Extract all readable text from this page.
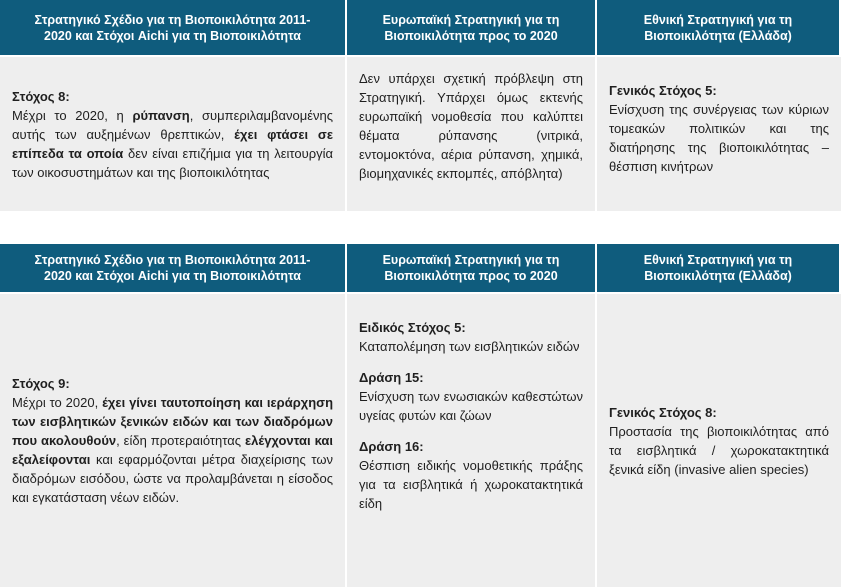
Στρατηγικό Σχέδιο για τη Βιοποικιλότητα 2011-2020 και Στόχοι Aichi για τη Βιοποικιλότητα
Ευρωπαϊκή Στρατηγική για τη Βιοποικιλότητα προς το 2020
Εθνική Στρατηγική για τη Βιοποικιλότητα (Ελλάδα)
Στόχος 8:
Μέχρι το 2020, η ρύπανση, συμπεριλαμβανομένης αυτής των αυξημένων θρεπτικών, έχει φτάσει σε επίπεδα τα οποία δεν είναι επιζήμια για τη λειτουργία των οικοσυστημάτων και της βιοποικιλότητας
Δεν υπάρχει σχετική πρόβλεψη στη Στρατηγική. Υπάρχει όμως εκτενής ευρωπαϊκή νομοθεσία που καλύπτει θέματα ρύπανσης (νιτρικά, εντομοκτόνα, αέρια ρύπανση, χημικά, βιομηχανικές εκπομπές, απόβλητα)
Γενικός Στόχος 5:
Ενίσχυση της συνέργειας των κύριων τομεακών πολιτικών και της διατήρησης της βιοποικιλότητας – θέσπιση κινήτρων
Στρατηγικό Σχέδιο για τη Βιοποικιλότητα 2011-2020 και Στόχοι Aichi για τη Βιοποικιλότητα
Ευρωπαϊκή Στρατηγική για τη Βιοποικιλότητα προς το 2020
Εθνική Στρατηγική για τη Βιοποικιλότητα (Ελλάδα)
Στόχος 9:
Μέχρι το 2020, έχει γίνει ταυτοποίηση και ιεράρχηση των εισβλητικών ξενικών ειδών και των διαδρόμων που ακολουθούν, είδη προτεραιότητας ελέγχονται και εξαλείφονται και εφαρμόζονται μέτρα διαχείρισης των διαδρόμων εισόδου, ώστε να προλαμβάνεται η είσοδος και εγκατάσταση νέων ειδών.
Ειδικός Στόχος 5:
Καταπολέμηση των εισβλητικών ειδών
Δράση 15:
Ενίσχυση των ενωσιακών καθεστώτων υγείας φυτών και ζώων
Δράση 16:
Θέσπιση ειδικής νομοθετικής πράξης για τα εισβλητικά ή χωροκατακτητικά είδη
Γενικός Στόχος 8:
Προστασία της βιοποικιλότητας από τα εισβλητικά / χωροκατακτητικά ξενικά είδη (invasive alien species)
